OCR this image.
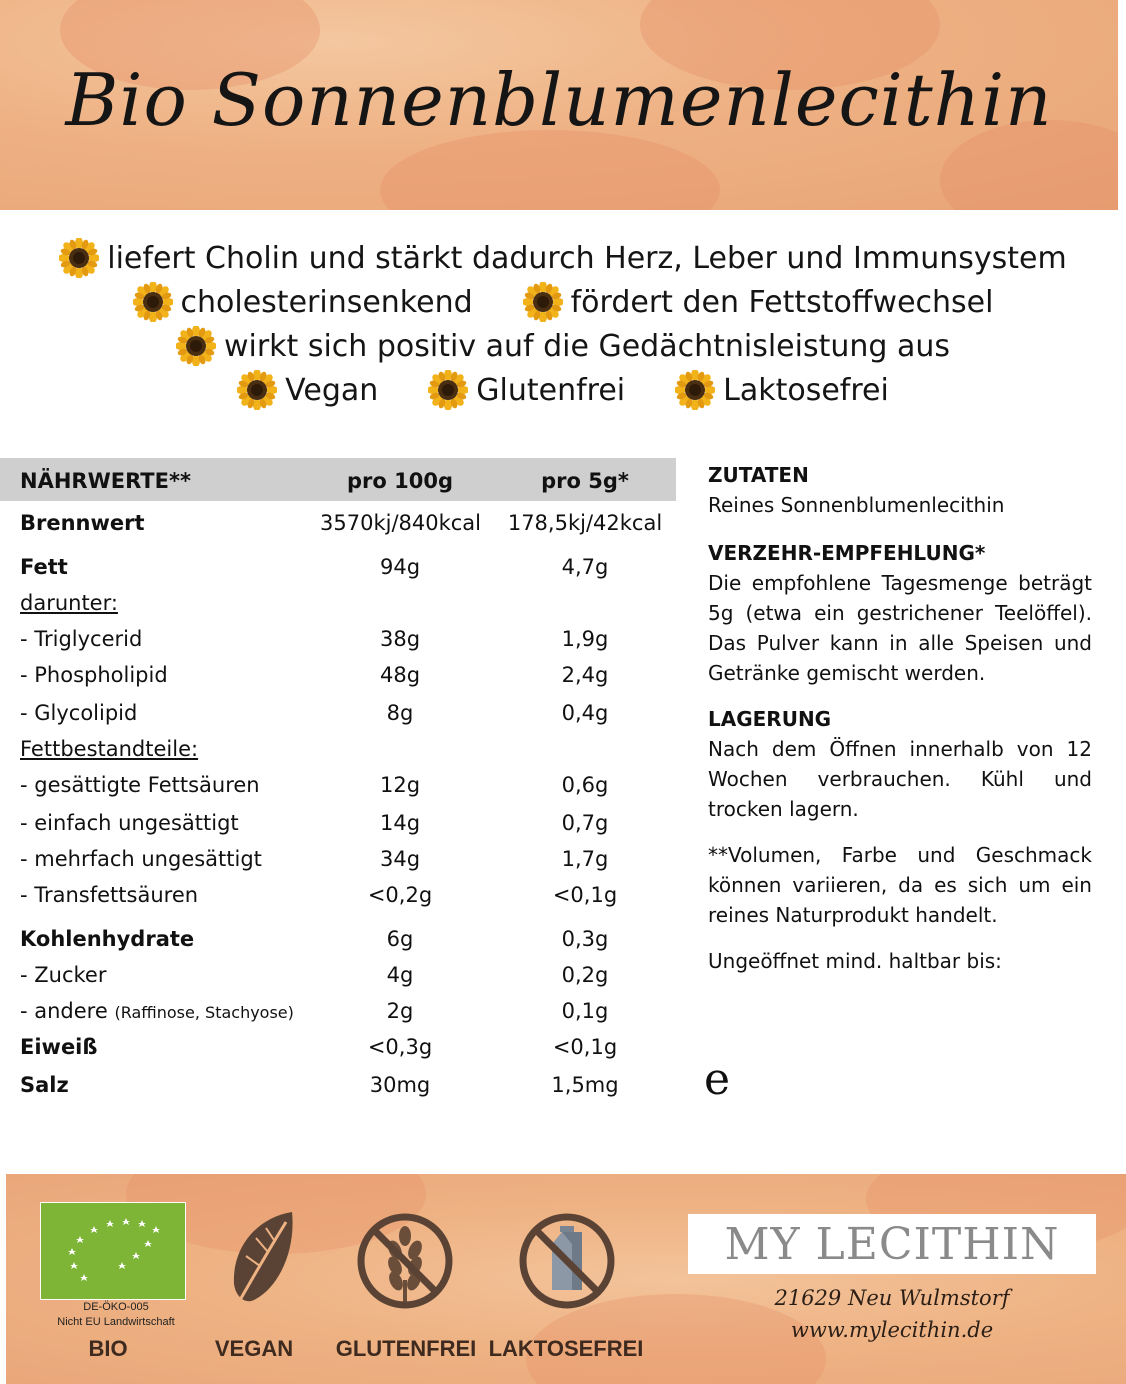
Bio Sonnenblumenlecithin
liefert Cholin und stärkt dadurch Herz, Leber und Immunsystem
cholesterinsenkend	fördert den Fettstoffwechsel
wirkt sich positiv auf die Gedächtnisleistung aus
Vegan	Glutenfrei	Laktosefrei
NÄHRWERTE**	pro 100g	pro 5g*
Brennwert	3570kj/840kcal 178,5kj/42kcal
Fett	94g	4,7g
darunter:
- Triglycerid	38g	1,9g
- Phospholipid	48g	2,4g
- Glycolipid	8g	0,4g
Fettbestandteile:
- gesättigte Fettsäuren	12g	0,6g
- einfach ungesättigt	14g	0,7g
- mehrfach ungesättigt	34g	1,7g
- Transfettsäuren	<0,2g	<0,1g
Kohlenhydrate	6g	0,3g
- Zucker	4g	0,2g
- andere (Raffinose, Stachyose)	2g	0,1g
Eiweiß	<0,3g	<0,1g
Salz	30mg	1,5mg
ZUTATEN

Reines Sonnenblumenlecithin

VERZEHR-EMPFEHLUNG*

Die empfohlene Tagesmenge beträgt 5g (etwa ein gestrichener Teelöffel). Das Pulver kann in alle Speisen und Getränke gemischt werden.

LAGERUNG

Nach dem Öffnen innerhalb von 12 Wochen verbrauchen. Kühl und trocken lagern.

**Volumen, Farbe und Geschmack können variieren, da es sich um ein reines Naturprodukt handelt.

Ungeöffnet mind. haltbar bis:

e
DE-ÖKO-005
Nicht EU Landwirtschaft
BIO	VEGAN	GLUTENFREI LAKTOSEFREI
MY LECITHIN
21629 Neu Wulmstorf
www.mylecithin.de
